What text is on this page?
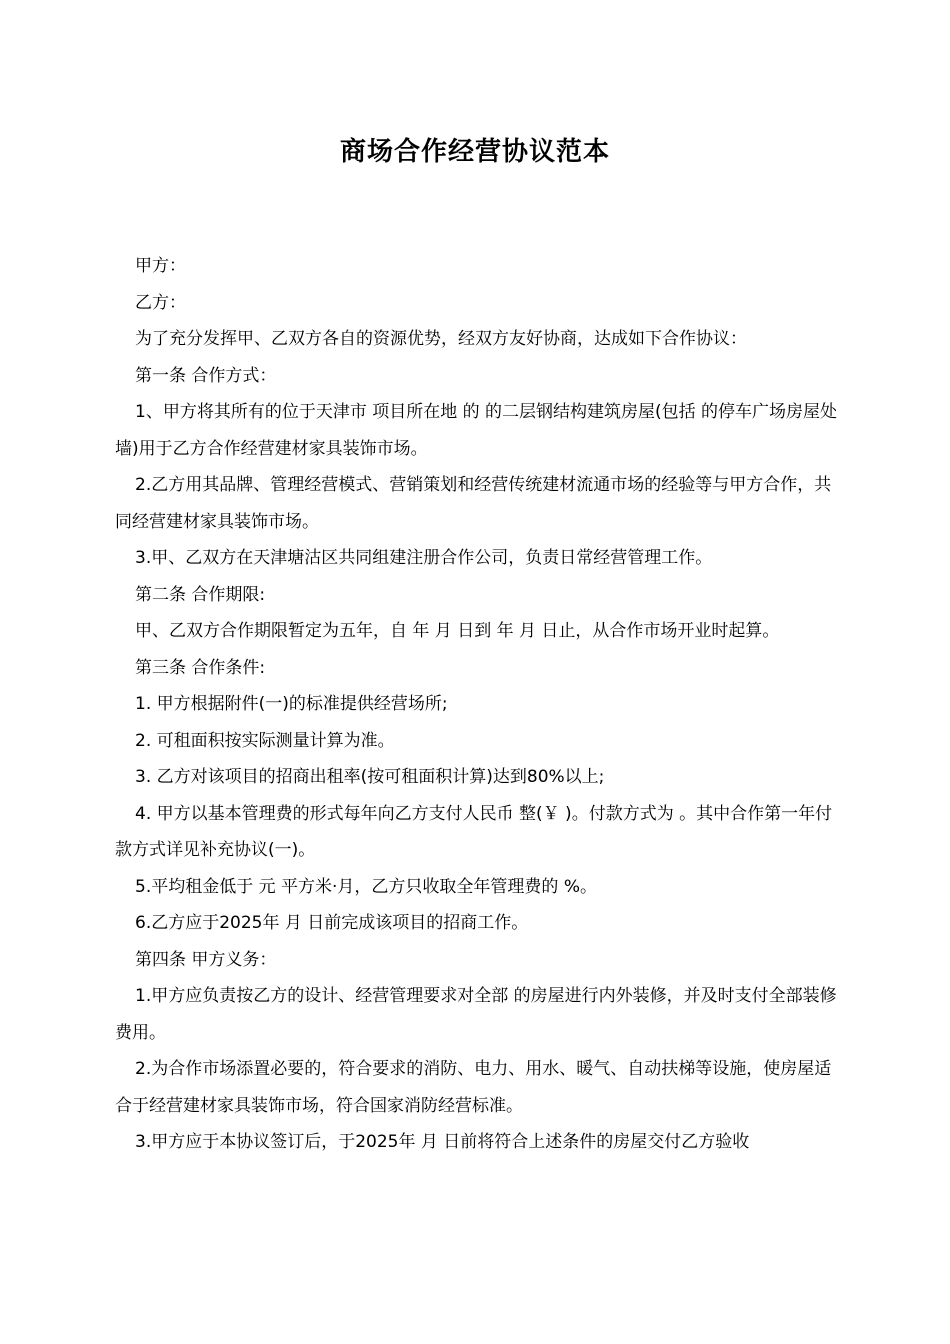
商场合作经营协议范本

甲方：

乙方：

为了充分发挥甲、乙双方各自的资源优势，经双方友好协商，达成如下合作协议：

第一条 合作方式：

1、甲方将其所有的位于天津市 项目所在地 的 的二层钢结构建筑房屋(包括 的停车广场房屋处墙)用于乙方合作经营建材家具装饰市场。

2.乙方用其品牌、管理经营模式、营销策划和经营传统建材流通市场的经验等与甲方合作，共同经营建材家具装饰市场。

3.甲、乙双方在天津塘沽区共同组建注册合作公司，负责日常经营管理工作。

第二条 合作期限:

甲、乙双方合作期限暂定为五年，自 年 月 日到 年 月 日止，从合作市场开业时起算。

第三条 合作条件:

1. 甲方根据附件(一)的标准提供经营场所;

2. 可租面积按实际测量计算为准。

3. 乙方对该项目的招商出租率(按可租面积计算)达到80%以上;

4. 甲方以基本管理费的形式每年向乙方支付人民币 整(￥ )。付款方式为 。其中合作第一年付款方式详见补充协议(一)。

5.平均租金低于 元 平方米·月，乙方只收取全年管理费的 %。

6.乙方应于2025年 月 日前完成该项目的招商工作。

第四条 甲方义务：

1.甲方应负责按乙方的设计、经营管理要求对全部 的房屋进行内外装修，并及时支付全部装修费用。

2.为合作市场添置必要的，符合要求的消防、电力、用水、暖气、自动扶梯等设施，使房屋适合于经营建材家具装饰市场，符合国家消防经营标准。

3.甲方应于本协议签订后，于2025年 月 日前将符合上述条件的房屋交付乙方验收
